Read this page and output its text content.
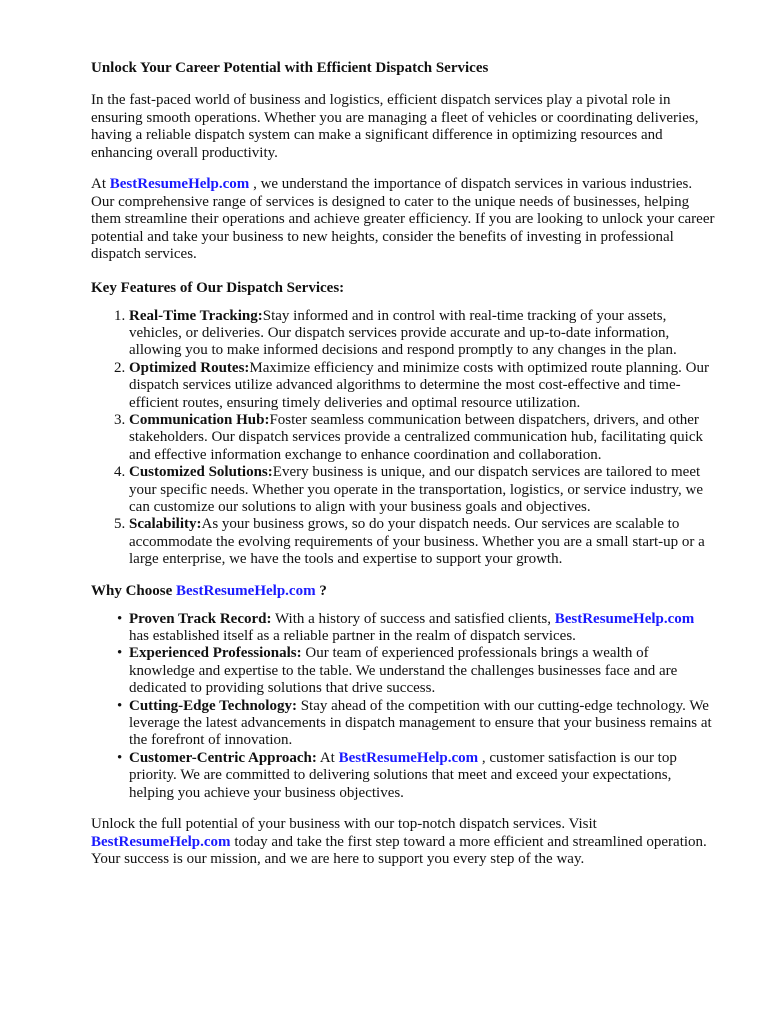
Unlock Your Career Potential with Efficient Dispatch Services

In the fast-paced world of business and logistics, efficient dispatch services play a pivotal role in ensuring smooth operations. Whether you are managing a fleet of vehicles or coordinating deliveries, having a reliable dispatch system can make a significant difference in optimizing resources and enhancing overall productivity.

At BestResumeHelp.com , we understand the importance of dispatch services in various industries. Our comprehensive range of services is designed to cater to the unique needs of businesses, helping them streamline their operations and achieve greater efficiency. If you are looking to unlock your career potential and take your business to new heights, consider the benefits of investing in professional dispatch services.

Key Features of Our Dispatch Services:
1. Real-Time Tracking:Stay informed and in control with real-time tracking of your assets, vehicles, or deliveries. Our dispatch services provide accurate and up-to-date information, allowing you to make informed decisions and respond promptly to any changes in the plan.
2. Optimized Routes:Maximize efficiency and minimize costs with optimized route planning. Our dispatch services utilize advanced algorithms to determine the most cost-effective and time-efficient routes, ensuring timely deliveries and optimal resource utilization.
3. Communication Hub:Foster seamless communication between dispatchers, drivers, and other stakeholders. Our dispatch services provide a centralized communication hub, facilitating quick and effective information exchange to enhance coordination and collaboration.
4. Customized Solutions:Every business is unique, and our dispatch services are tailored to meet your specific needs. Whether you operate in the transportation, logistics, or service industry, we can customize our solutions to align with your business goals and objectives.
5. Scalability:As your business grows, so do your dispatch needs. Our services are scalable to accommodate the evolving requirements of your business. Whether you are a small start-up or a large enterprise, we have the tools and expertise to support your growth.
Why Choose BestResumeHelp.com ?
• Proven Track Record: With a history of success and satisfied clients, BestResumeHelp.com has established itself as a reliable partner in the realm of dispatch services.
• Experienced Professionals: Our team of experienced professionals brings a wealth of knowledge and expertise to the table. We understand the challenges businesses face and are dedicated to providing solutions that drive success.
• Cutting-Edge Technology: Stay ahead of the competition with our cutting-edge technology. We leverage the latest advancements in dispatch management to ensure that your business remains at the forefront of innovation.
• Customer-Centric Approach: At BestResumeHelp.com , customer satisfaction is our top priority. We are committed to delivering solutions that meet and exceed your expectations, helping you achieve your business objectives.

Unlock the full potential of your business with our top-notch dispatch services. Visit BestResumeHelp.com today and take the first step toward a more efficient and streamlined operation. Your success is our mission, and we are here to support you every step of the way.
